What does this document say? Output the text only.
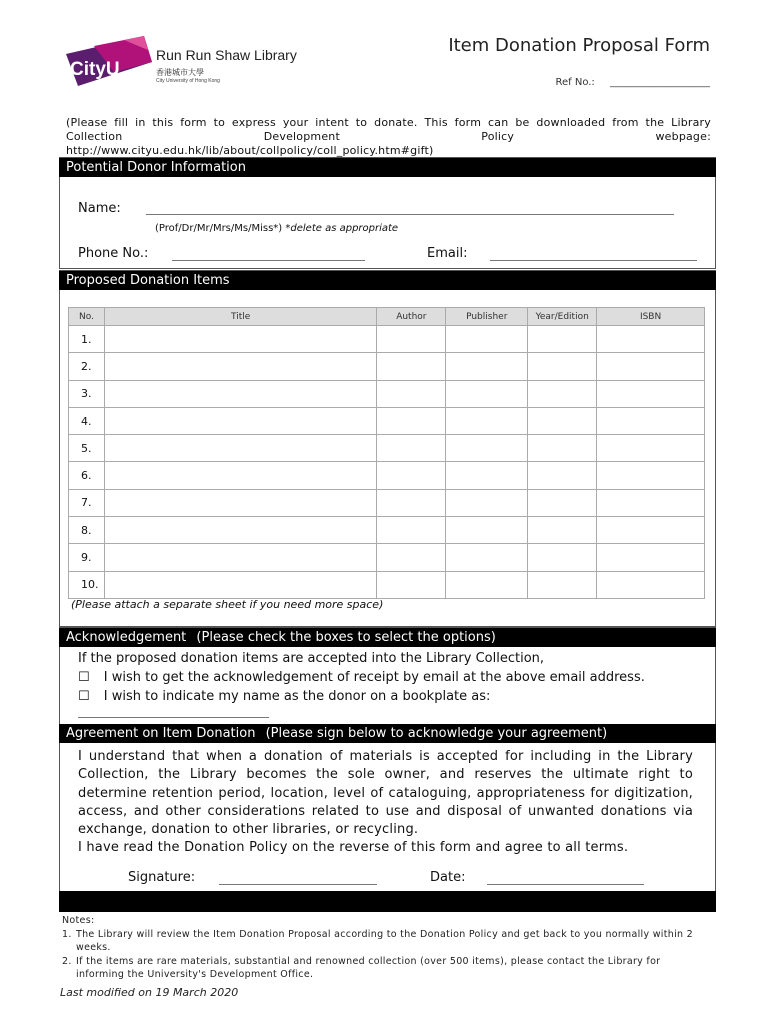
CityU
Run Run Shaw Library
香港城市大學
City University of Hong Kong
Item Donation Proposal Form
Ref No.: ____________________
(Please fill in this form to express your intent to donate. This form can be downloaded from the Library Collection Development Policy webpage:
http://www.cityu.edu.hk/lib/about/collpolicy/coll_policy.htm#gift)
Potential Donor Information
Name:
(Prof/Dr/Mr/Mrs/Ms/Miss*) *delete as appropriate
Phone No.:	Email:
Proposed Donation Items
No.	Title	Author	Publisher	Year/Edition	ISBN
1.					
2.					
3.					
4.					
5.					
6.					
7.					
8.					
9.					
10.					
(Please attach a separate sheet if you need more space)
Acknowledgement (Please check the boxes to select the options)
If the proposed donation items are accepted into the Library Collection,
☐ I wish to get the acknowledgement of receipt by email at the above email address.
☐ I wish to indicate my name as the donor on a bookplate as:
Agreement on Item Donation (Please sign below to acknowledge your agreement)

I understand that when a donation of materials is accepted for including in the Library Collection, the Library becomes the sole owner, and reserves the ultimate right to determine retention period, location, level of cataloguing, appropriateness for digitization, access, and other considerations related to use and disposal of unwanted donations via exchange, donation to other libraries, or recycling.

I have read the Donation Policy on the reverse of this form and agree to all terms.

Signature:	Date:
Notes:
1. The Library will review the Item Donation Proposal according to the Donation Policy and get back to you normally within 2 weeks.
2. If the items are rare materials, substantial and renowned collection (over 500 items), please contact the Library for informing the University's Development Office.
Last modified on 19 March 2020
